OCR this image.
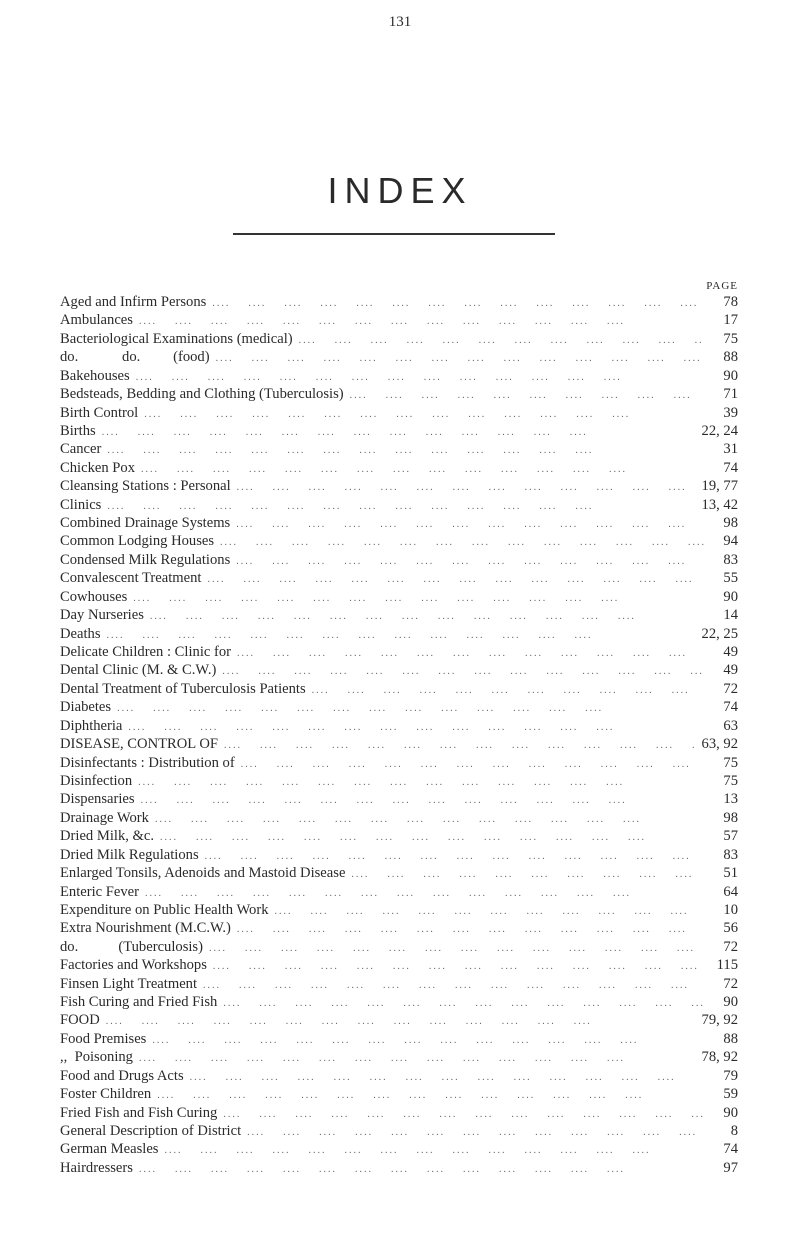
131
INDEX
PAGE
Aged and Infirm Persons ....	78
Ambulances ....	17
Bacteriological Examinations (medical) ....	75
do.            do.         (food) ....	88
Bakehouses ....	90
Bedsteads, Bedding and Clothing (Tuberculosis) ....	71
Birth Control ....	39
Births ....	22, 24
Cancer ....	31
Chicken Pox ....	74
Cleansing Stations : Personal ....	19, 77
Clinics ....	13, 42
Combined Drainage Systems ....	98
Common Lodging Houses ....	94
Condensed Milk Regulations ....	83
Convalescent Treatment ....	55
Cowhouses ....	90
Day Nurseries ....	14
Deaths ....	22, 25
Delicate Children : Clinic for ....	49
Dental Clinic (M. & C.W.) ....	49
Dental Treatment of Tuberculosis Patients ....	72
Diabetes ....	74
Diphtheria ....	63
DISEASE, CONTROL OF ....	63, 92
Disinfectants : Distribution of ....	75
Disinfection ....	75
Dispensaries ....	13
Drainage Work ....	98
Dried Milk, &c. ....	57
Dried Milk Regulations ....	83
Enlarged Tonsils, Adenoids and Mastoid Disease ....	51
Enteric Fever ....	64
Expenditure on Public Health Work ....	10
Extra Nourishment (M.C.W.) ....	56
do.           (Tuberculosis) ....	72
Factories and Workshops ....	115
Finsen Light Treatment ....	72
Fish Curing and Fried Fish ....	90
FOOD ....	79, 92
Food Premises ....	88
,,  Poisoning ....	78, 92
Food and Drugs Acts ....	79
Foster Children ....	59
Fried Fish and Fish Curing ....	90
General Description of District ....	8
German Measles ....	74
Hairdressers ....	97
